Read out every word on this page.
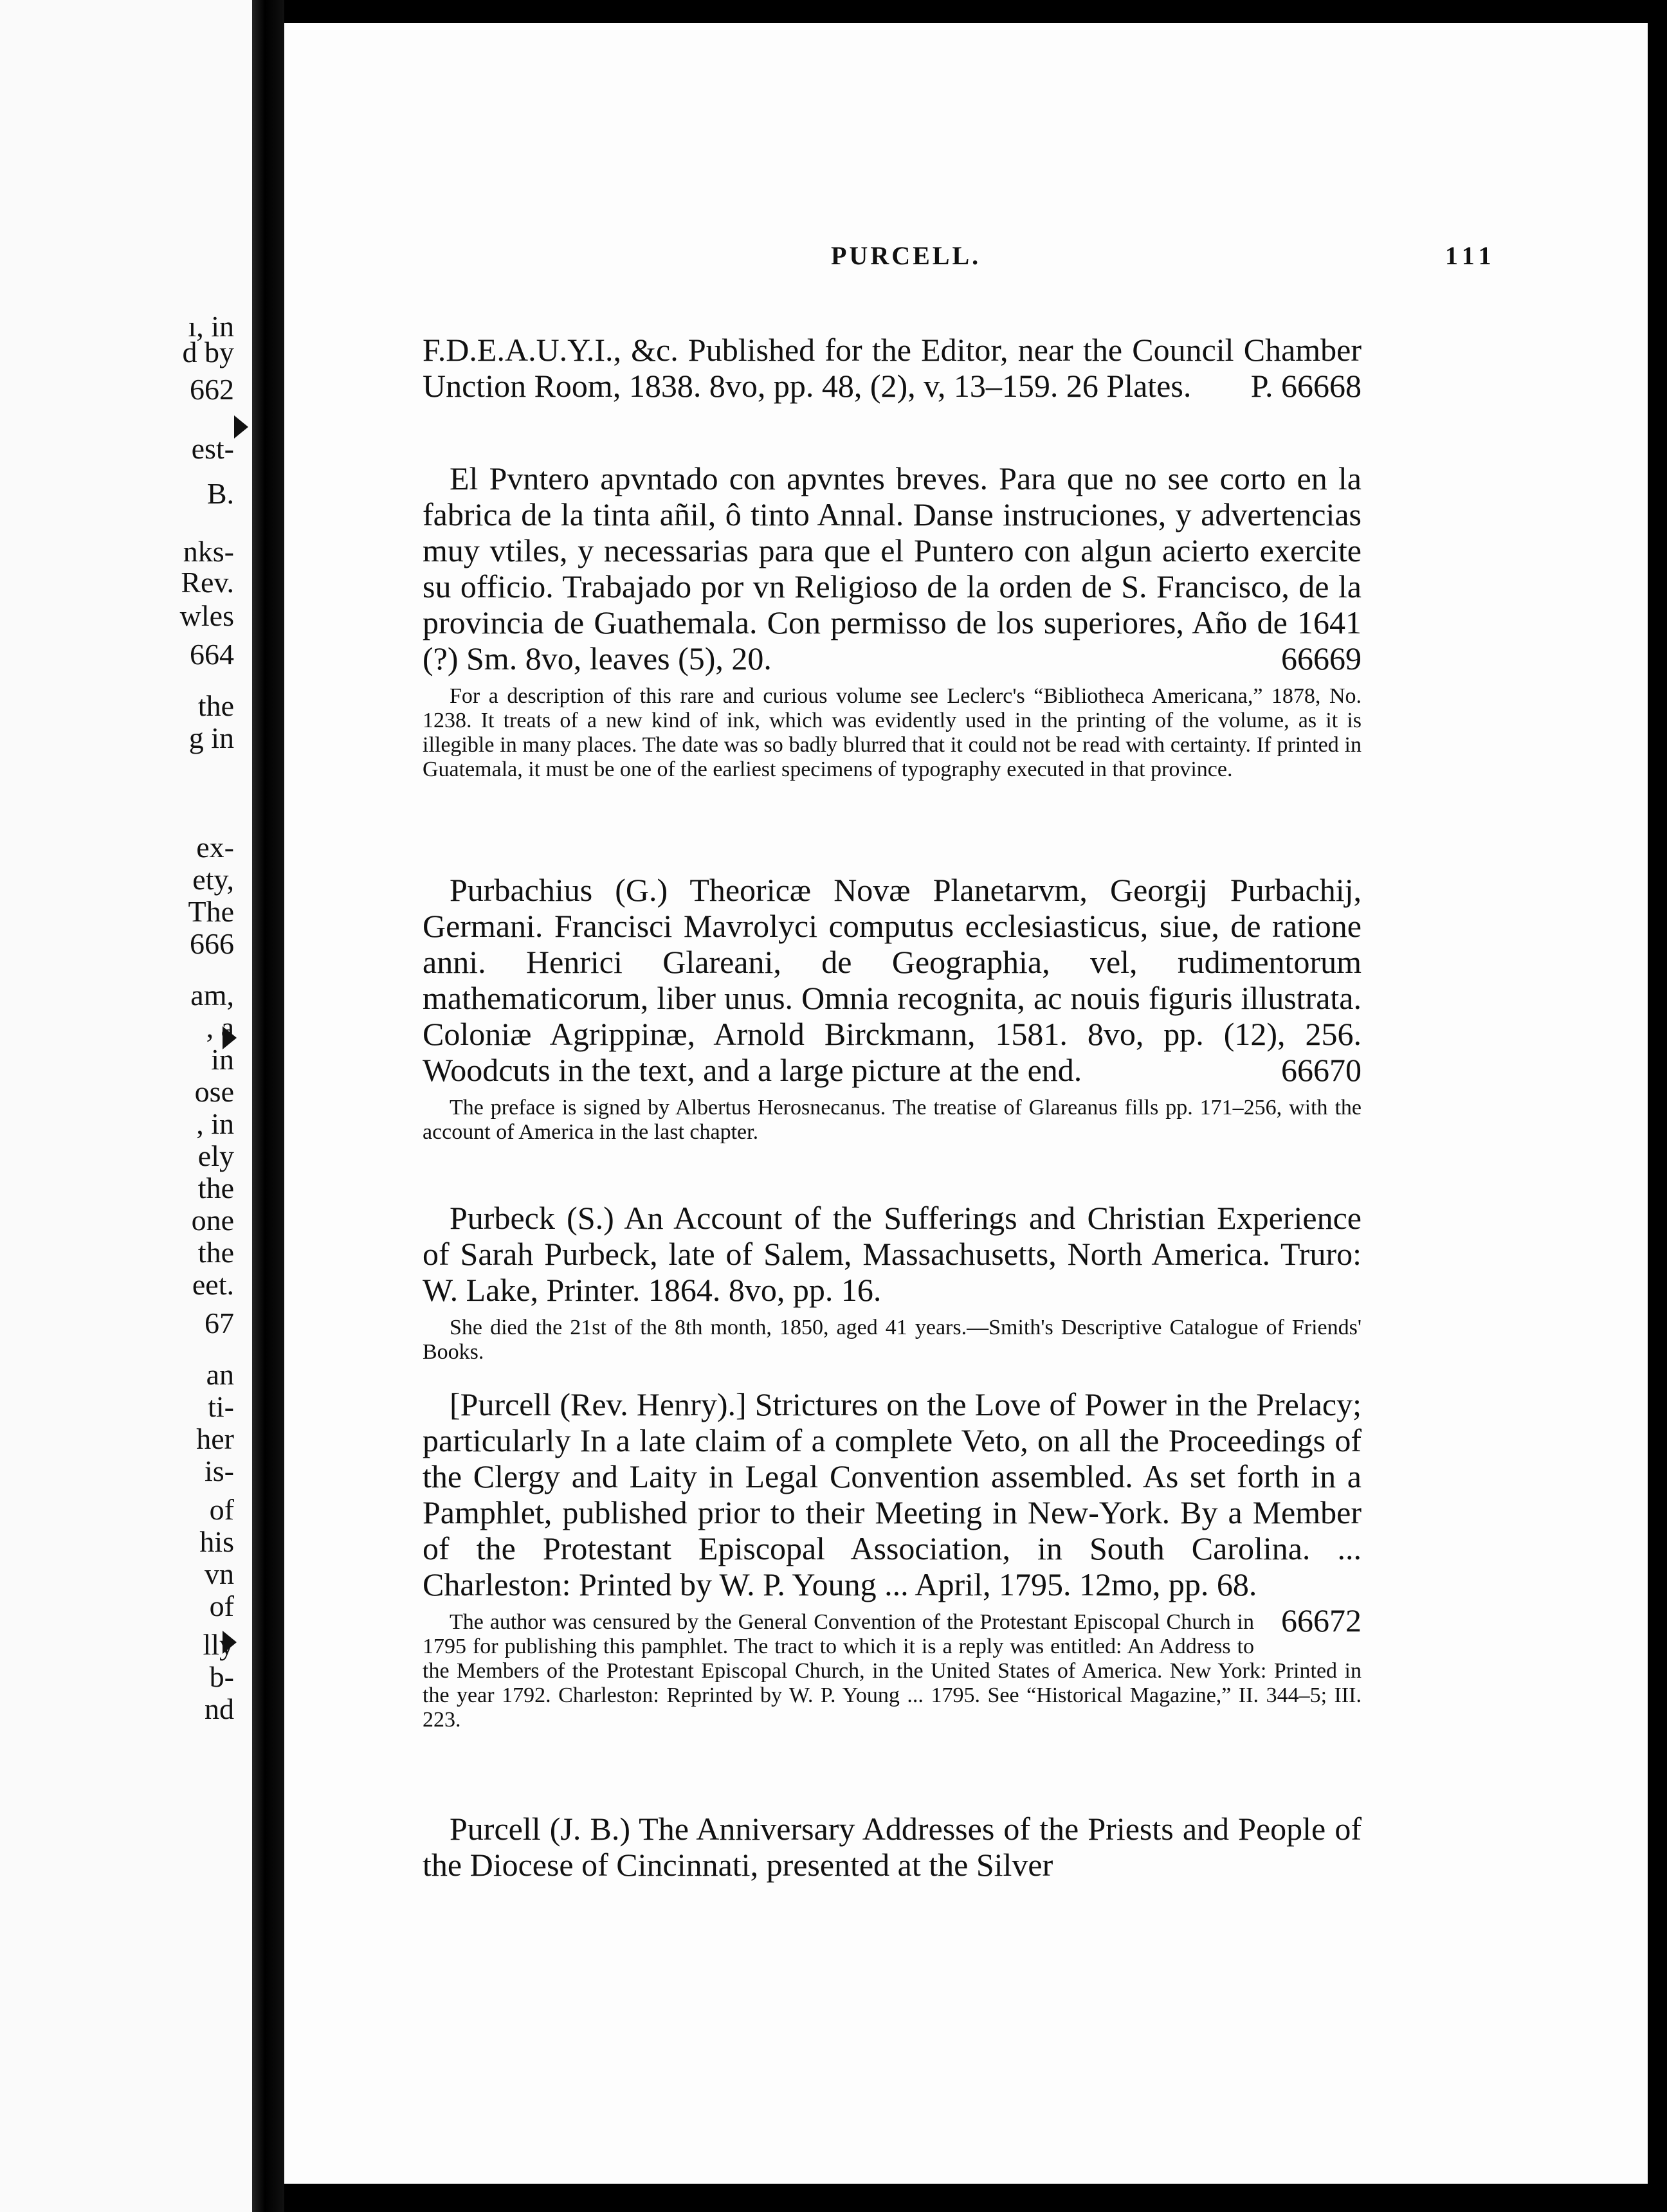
ı, in
d by
662
est-
B.
nks-
Rev.
wles
664
the
g in
ex-
ety,
The
666
am,
, a
in
ose
, in
ely
the
one
the
eet.
67
an
ti-
her
is-
of
his
vn
of
lly
b-
nd
PURCELL.	111
F.D.E.A.U.Y.I., &c. Published for the Editor, near the Council Chamber Unction Room, 1838. 8vo, pp. 48, (2), v, 13–159. 26 Plates. P. 66668
El Pvntero apvntado con apvntes breves. Para que no see corto en la fabrica de la tinta añil, ô tinto Annal. Danse instruciones, y advertencias muy vtiles, y necessarias para que el Puntero con algun acierto exercite su officio. Trabajado por vn Religioso de la orden de S. Francisco, de la provincia de Guathemala. Con permisso de los superiores, Año de 1641 (?) Sm. 8vo, leaves (5), 20.	66669
For a description of this rare and curious volume see Leclerc's “Bibliotheca Americana,” 1878, No. 1238. It treats of a new kind of ink, which was evidently used in the printing of the volume, as it is illegible in many places. The date was so badly blurred that it could not be read with certainty. If printed in Guatemala, it must be one of the earliest specimens of typography executed in that province.
Purbachius (G.) Theoricæ Novæ Planetarvm, Georgij Purbachij, Germani. Francisci Mavrolyci computus ecclesiasticus, siue, de ratione anni. Henrici Glareani, de Geographia, vel, rudimentorum mathematicorum, liber unus. Omnia recognita, ac nouis figuris illustrata. Coloniæ Agrippinæ, Arnold Birckmann, 1581. 8vo, pp. (12), 256. Woodcuts in the text, and a large picture at the end.	66670
The preface is signed by Albertus Herosnecanus. The treatise of Glareanus fills pp. 171–256, with the account of America in the last chapter.
Purbeck (S.) An Account of the Sufferings and Christian Experience of Sarah Purbeck, late of Salem, Massachusetts, North America. Truro: W. Lake, Printer. 1864. 8vo, pp. 16.
She died the 21st of the 8th month, 1850, aged 41 years.—Smith's Descriptive Catalogue of Friends' Books.
[Purcell (Rev. Henry).] Strictures on the Love of Power in the Prelacy; particularly In a late claim of a complete Veto, on all the Proceedings of the Clergy and Laity in Legal Convention assembled. As set forth in a Pamphlet, published prior to their Meeting in New-York. By a Member of the Protestant Episcopal Association, in South Carolina. ... Charleston: Printed by W. P. Young ... April, 1795. 12mo, pp. 68.
66672
The author was censured by the General Convention of the Protestant Episcopal Church in 1795 for publishing this pamphlet. The tract to which it is a reply was entitled: An Address to the Members of the Protestant Episcopal Church, in the United States of America. New York: Printed in the year 1792. Charleston: Reprinted by W. P. Young ... 1795. See “Historical Magazine,” II. 344–5; III. 223.
Purcell (J. B.) The Anniversary Addresses of the Priests and People of the Diocese of Cincinnati, presented at the Silver
